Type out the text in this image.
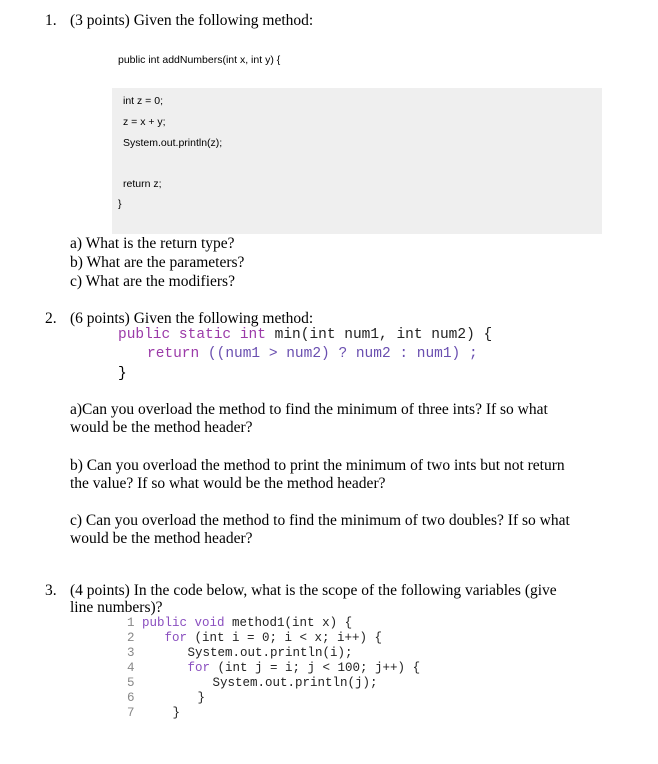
1. (3 points) Given the following method:
public int addNumbers(int x, int y) {
int z = 0;
z = x + y;
System.out.println(z);
return z;
}
a) What is the return type?
b) What are the parameters?
c) What are the modifiers?
2. (6 points) Given the following method:
public static int min(int num1, int num2) {
return ((num1 > num2) ? num2 : num1) ;
}
a)Can you overload the method to find the minimum of three ints? If so what
would be the method header?
b) Can you overload the method to print the minimum of two ints but not return
the value? If so what would be the method header?
c) Can you overload the method to find the minimum of two doubles? If so what
would be the method header?
3. (4 points) In the code below, what is the scope of the following variables (give
line numbers)?
1 public void method1(int x) {
2 for (int i = 0; i < x; i++) {
3	System.out.println(i);
4	for (int j = i; j < 100; j++) {
5	System.out.println(j);
6	}
7	}
